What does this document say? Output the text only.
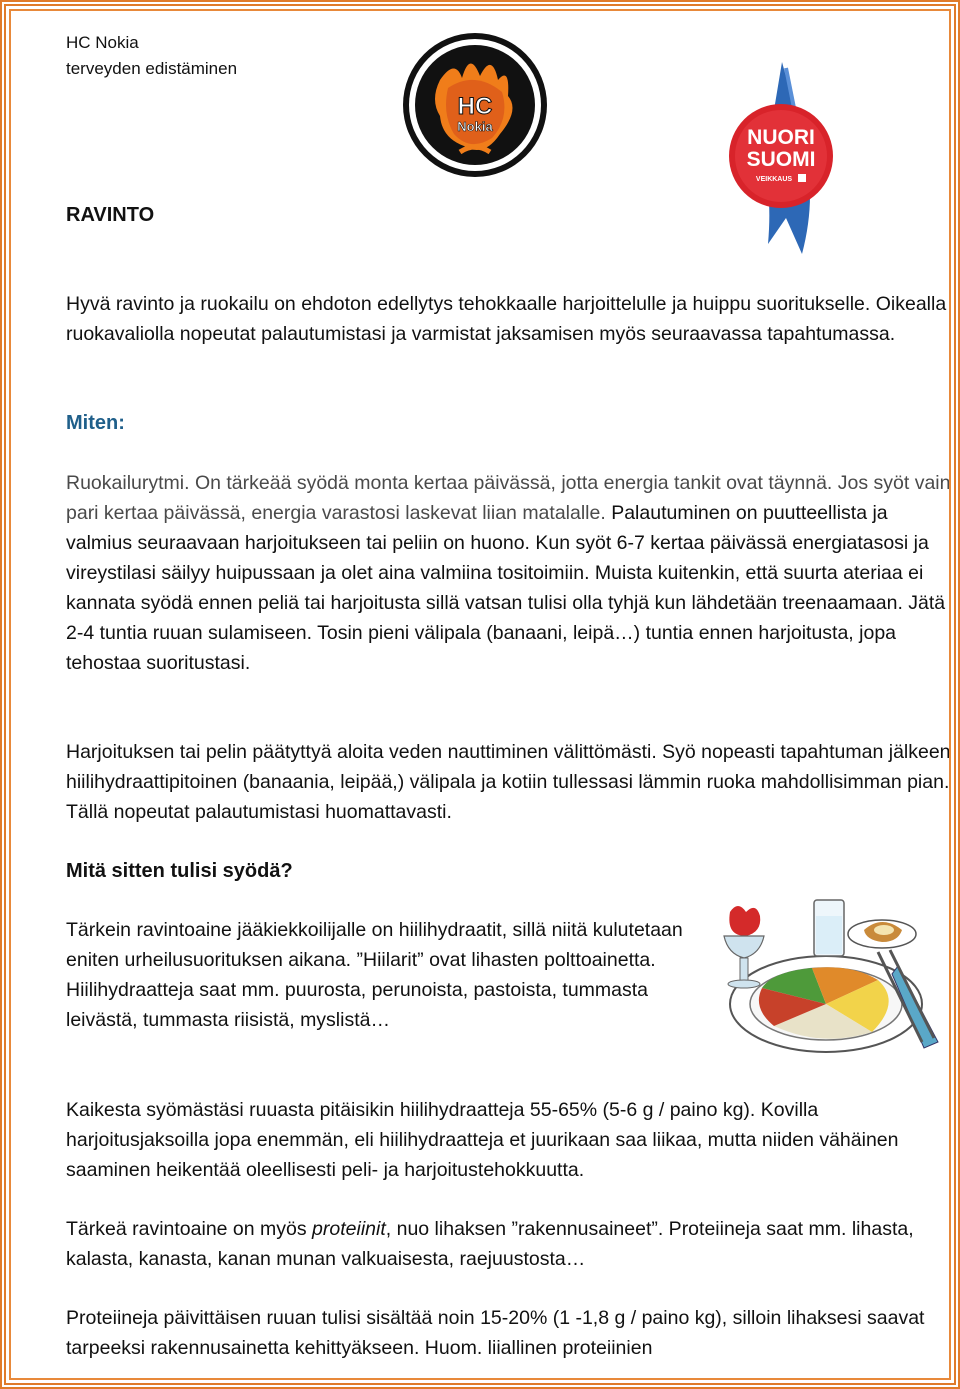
HC Nokia
terveyden edistäminen
HC
Nokia	NUORI
SUOMI
VEIKKAUS
RAVINTO
Hyvä ravinto ja ruokailu on ehdoton edellytys tehokkaalle harjoittelulle ja huippu suoritukselle. Oikealla ruokavaliolla nopeutat palautumistasi ja varmistat jaksamisen myös seuraavassa tapahtumassa.
Miten:
Ruokailurytmi. On tärkeää syödä monta kertaa päivässä, jotta energia tankit ovat täynnä. Jos syöt vain pari kertaa päivässä, energia varastosi laskevat liian matalalle. Palautuminen on puutteellista ja valmius seuraavaan harjoitukseen tai peliin on huono. Kun syöt 6-7 kertaa päivässä energiatasosi ja vireystilasi säilyy huipussaan ja olet aina valmiina tositoimiin. Muista kuitenkin, että suurta ateriaa ei kannata syödä ennen peliä tai harjoitusta sillä vatsan tulisi olla tyhjä kun lähdetään treenaamaan. Jätä 2-4 tuntia ruuan sulamiseen. Tosin pieni välipala (banaani, leipä…) tuntia ennen harjoitusta, jopa tehostaa suoritustasi.
Harjoituksen tai pelin päätyttyä aloita veden nauttiminen välittömästi. Syö nopeasti tapahtuman jälkeen hiilihydraattipitoinen (banaania, leipää,) välipala ja kotiin tullessasi lämmin ruoka mahdollisimman pian. Tällä nopeutat palautumistasi huomattavasti.
Mitä sitten tulisi syödä?
Tärkein ravintoaine jääkiekkoilijalle on hiilihydraatit, sillä niitä kulutetaan eniten urheilusuorituksen aikana. ”Hiilarit” ovat lihasten polttoainetta. Hiilihydraatteja saat mm. puurosta, perunoista, pastoista, tummasta leivästä, tummasta riisistä, myslistä…
Kaikesta syömästäsi ruuasta pitäisikin hiilihydraatteja 55-65% (5-6 g / paino kg). Kovilla harjoitusjaksoilla jopa enemmän, eli hiilihydraatteja et juurikaan saa liikaa, mutta niiden vähäinen saaminen heikentää oleellisesti peli- ja harjoitustehokkuutta.
Tärkeä ravintoaine on myös proteiinit, nuo lihaksen ”rakennusaineet”. Proteiineja saat mm. lihasta, kalasta, kanasta, kanan munan valkuaisesta, raejuustosta…
Proteiineja päivittäisen ruuan tulisi sisältää noin 15-20% (1 -1,8 g / paino kg), silloin lihaksesi saavat tarpeeksi rakennusainetta kehittyäkseen. Huom. liiallinen proteiinien
